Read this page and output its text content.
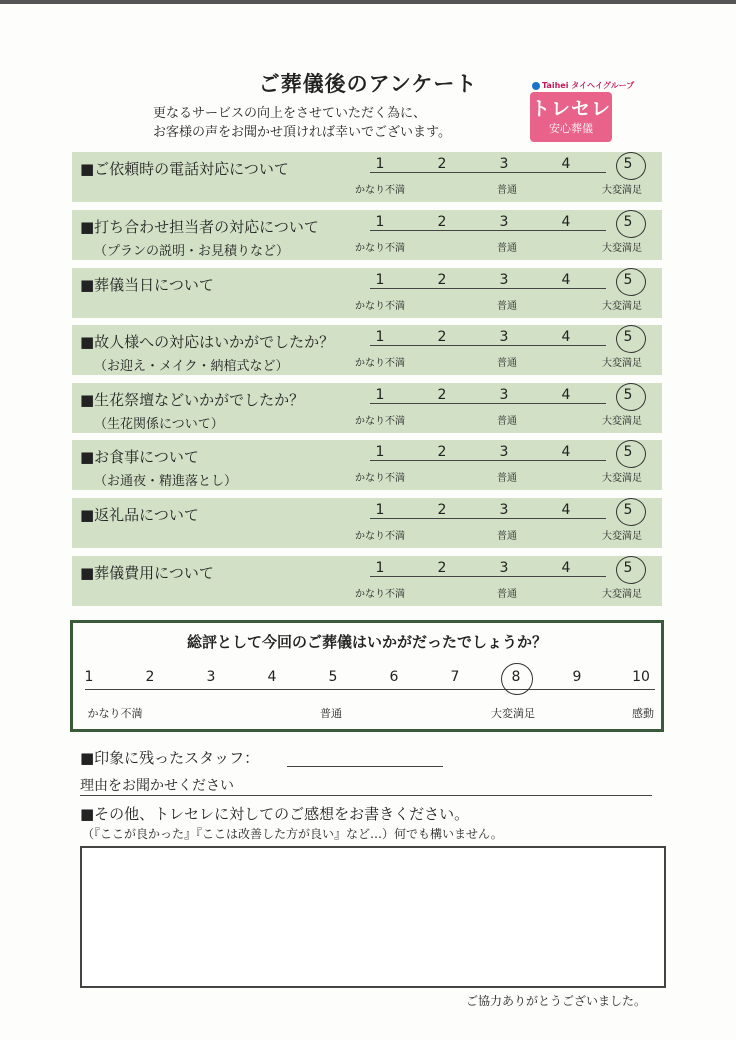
ご葬儀後のアンケート
更なるサービスの向上をさせていただく為に、
お客様の声をお聞かせ頂ければ幸いでございます。
Taihei タイヘイグループ
トレセレ
安心葬儀
■ご依頼時の電話対応について	1	2	3	4	5
かなり不満	普通	大変満足
■打ち合わせ担当者の対応について
（プランの説明・お見積りなど）
1	2	3	4	5
かなり不満	普通	大変満足
■葬儀当日について	1	2	3	4	5
かなり不満	普通	大変満足
■故人様への対応はいかがでしたか？
（お迎え・メイク・納棺式など）
1	2	3	4	5
かなり不満	普通	大変満足
■生花祭壇などいかがでしたか？
（生花関係について）
1	2	3	4	5
かなり不満	普通	大変満足
■お食事について
（お通夜・精進落とし）
1	2	3	4	5
かなり不満	普通	大変満足
■返礼品について	1	2	3	4	5
かなり不満	普通	大変満足
■葬儀費用について	1	2	3	4	5
かなり不満	普通	大変満足
総評として今回のご葬儀はいかがだったでしょうか？
1	2	3	4	5	6	7	8	9	10
かなり不満	普通	大変満足	感動
■印象に残ったスタッフ：
理由をお聞かせください
■その他、トレセレに対してのご感想をお書きください。
（『ここが良かった』『ここは改善した方が良い』など…）何でも構いません。
ご協力ありがとうございました。
